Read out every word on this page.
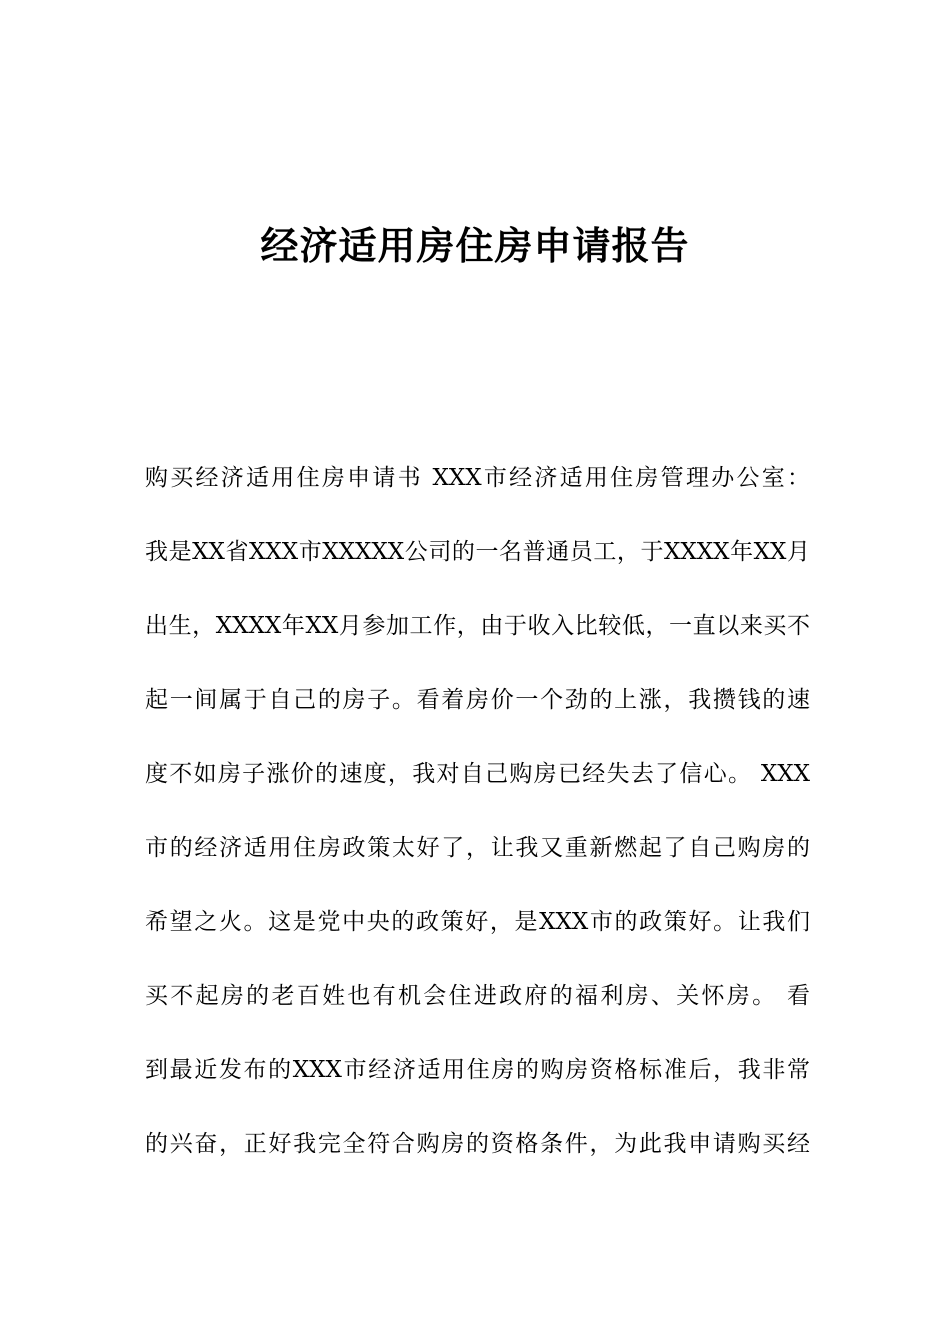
经济适用房住房申请报告
购买经济适用住房申请书 XXX市经济适用住房管理办公室：
我是XX省XXX市XXXXX公司的一名普通员工，于XXXX年XX月
出生，XXXX年XX月参加工作，由于收入比较低，一直以来买不
起一间属于自己的房子。看着房价一个劲的上涨，我攒钱的速
度不如房子涨价的速度，我对自己购房已经失去了信心。 XXX
市的经济适用住房政策太好了，让我又重新燃起了自己购房的
希望之火。这是党中央的政策好，是XXX市的政策好。让我们
买不起房的老百姓也有机会住进政府的福利房、关怀房。 看
到最近发布的XXX市经济适用住房的购房资格标准后，我非常
的兴奋，正好我完全符合购房的资格条件，为此我申请购买经
